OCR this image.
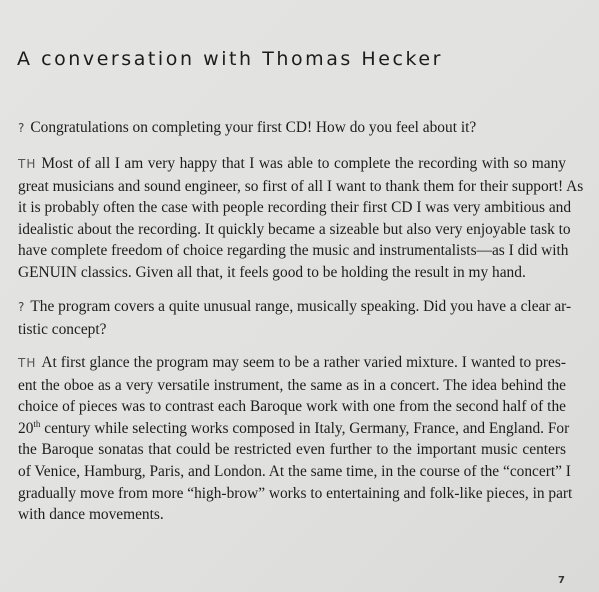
A conversation with Thomas Hecker
? Congratulations on completing your first CD! How do you feel about it?
TH Most of all I am very happy that I was able to complete the recording with so many
great musicians and sound engineer, so first of all I want to thank them for their support! As
it is probably often the case with people recording their first CD I was very ambitious and
idealistic about the recording. It quickly became a sizeable but also very enjoyable task to
have complete freedom of choice regarding the music and instrumentalists—as I did with
GENUIN classics. Given all that, it feels good to be holding the result in my hand.
? The program covers a quite unusual range, musically speaking. Did you have a clear ar-
tistic concept?
TH At first glance the program may seem to be a rather varied mixture. I wanted to pres-
ent the oboe as a very versatile instrument, the same as in a concert. The idea behind the
choice of pieces was to contrast each Baroque work with one from the second half of the
20th century while selecting works composed in Italy, Germany, France, and England. For
the Baroque sonatas that could be restricted even further to the important music centers
of Venice, Hamburg, Paris, and London. At the same time, in the course of the “concert” I
gradually move from more “high-brow” works to entertaining and folk-like pieces, in part
with dance movements.
7
